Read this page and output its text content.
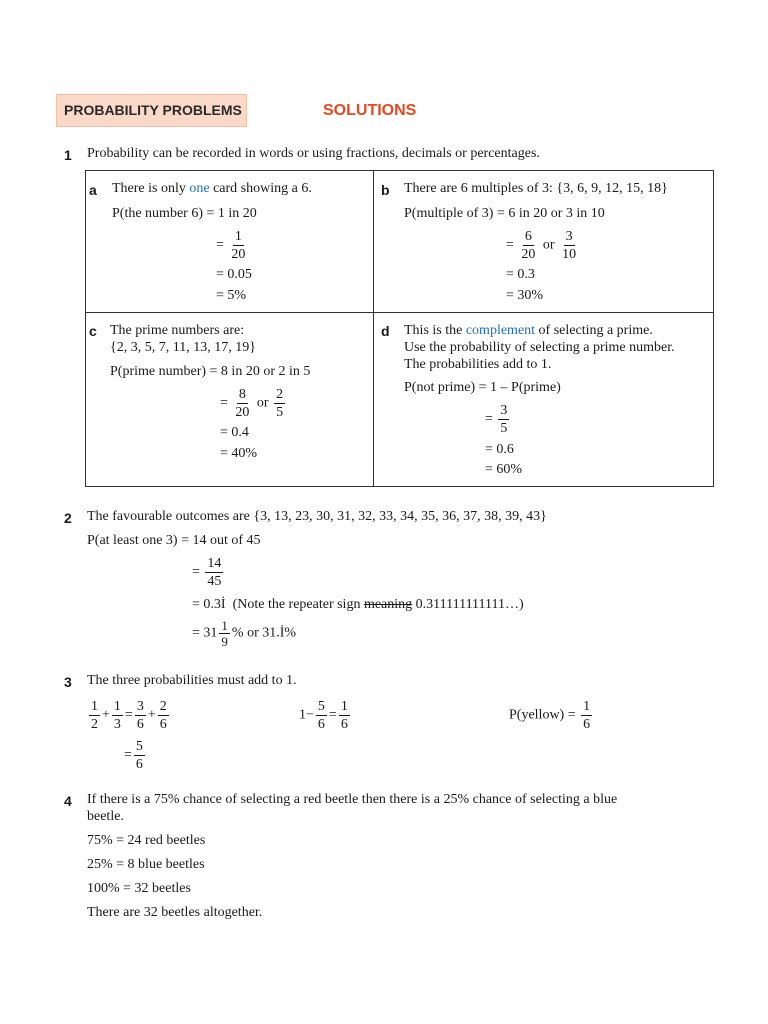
PROBABILITY PROBLEMS	SOLUTIONS
1 Probability can be recorded in words or using fractions, decimals or percentages.
a There is only one card showing a 6.
P(the number 6) = 1 in 20
= $\frac{1}{20}$
= 0.05
= 5%
b There are 6 multiples of 3: {3, 6, 9, 12, 15, 18}
P(multiple of 3) = 6 in 20 or 3 in 10
= $\frac{6}{20}$ or $\frac{3}{10}$
= 0.3
= 30%
c The prime numbers are:
{2, 3, 5, 7, 11, 13, 17, 19}
P(prime number) = 8 in 20 or 2 in 5
= $\frac{8}{20}$ or $\frac{2}{5}$
= 0.4
= 40%
d This is the complement of selecting a prime.
Use the probability of selecting a prime number.
The probabilities add to 1.
P(not prime) = 1 – P(prime)
= $\frac{3}{5}$
= 0.6
= 60%
2 The favourable outcomes are {3, 13, 23, 30, 31, 32, 33, 34, 35, 36, 37, 38, 39, 43}
P(at least one 3) = 14 out of 45
= $\frac{14}{45}$
= 0.3İ (Note the repeater sign meaning 0.311111111111…)
= $31 \frac{1}{9}$ % or 31.İ%
3 The three probabilities must add to 1.
$\frac{1}{2} + \frac{1}{3} = \frac{3}{6} + \frac{2}{6}$
= $\frac{5}{6}$
$1- \frac{5}{6} = \frac{1}{6}$	P(yellow) = $\frac{1}{6}$
4 If there is a 75% chance of selecting a red beetle then there is a 25% chance of selecting a blue
beetle.
75% = 24 red beetles
25% = 8 blue beetles
100% = 32 beetles
There are 32 beetles altogether.
